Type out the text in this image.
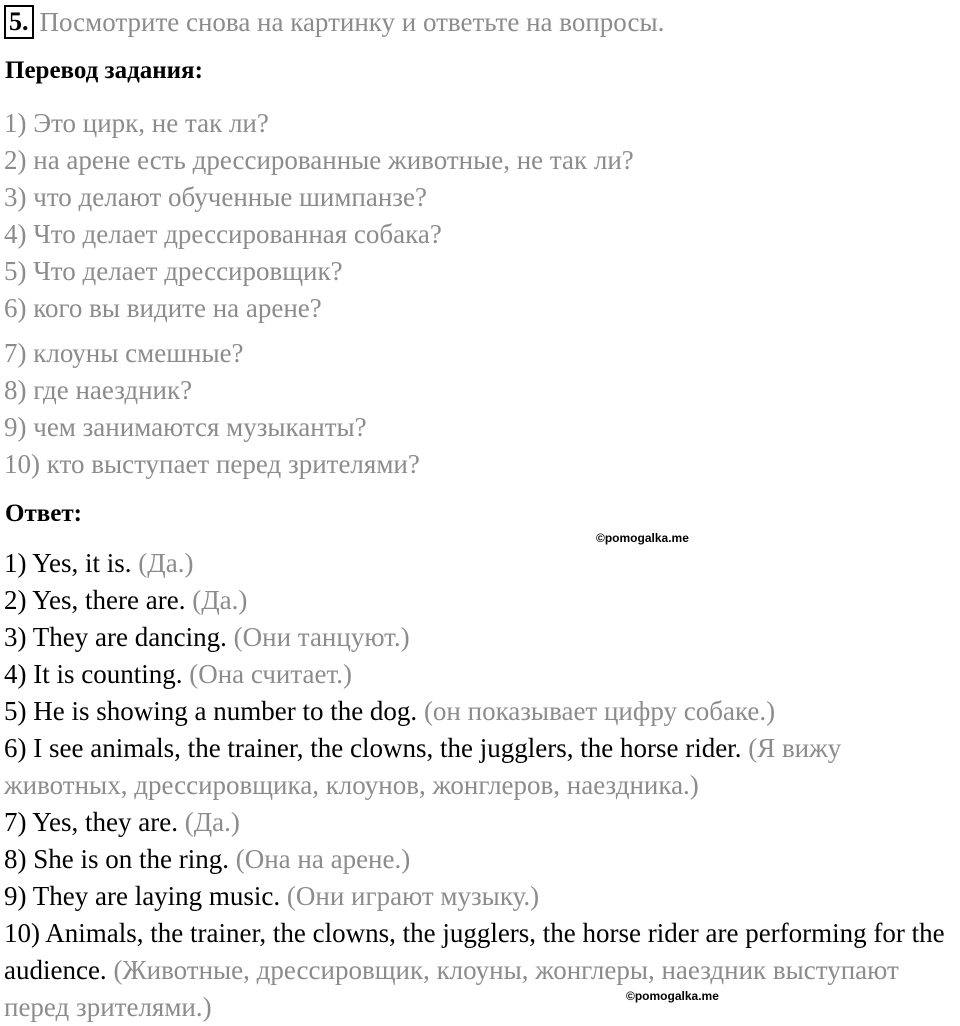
5. Посмотрите снова на картинку и ответьте на вопросы.
Перевод задания:
1) Это цирк, не так ли?
2) на арене есть дрессированные животные, не так ли?
3) что делают обученные шимпанзе?
4) Что делает дрессированная собака?
5) Что делает дрессировщик?
6) кого вы видите на арене?
7) клоуны смешные?
8) где наездник?
9) чем занимаются музыканты?
10) кто выступает перед зрителями?
Ответ:
©pomogalka.me
1) Yes, it is. (Да.)
2) Yes, there are. (Да.)
3) They are dancing. (Они танцуют.)
4) It is counting. (Она считает.)
5) He is showing a number to the dog. (он показывает цифру собаке.)
6) I see animals, the trainer, the clowns, the jugglers, the horse rider. (Я вижу животных, дрессировщика, клоунов, жонглеров, наездника.)
7) Yes, they are. (Да.)
8) She is on the ring. (Она на арене.)
9) They are laying music. (Они играют музыку.)
10) Animals, the trainer, the clowns, the jugglers, the horse rider are performing for the audience. (Животные, дрессировщик, клоуны, жонглеры, наездник выступают перед зрителями.)	©pomogalka.me
